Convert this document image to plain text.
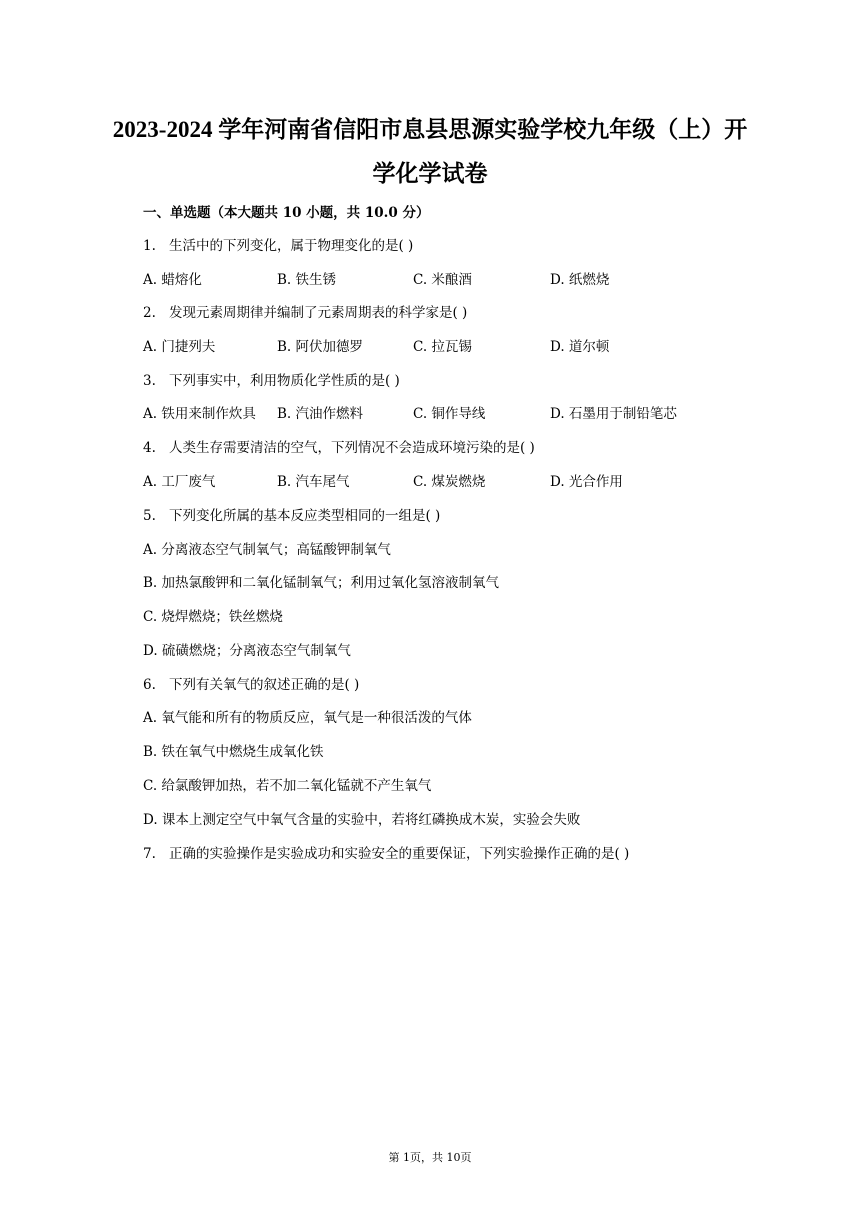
2023-2024 学年河南省信阳市息县思源实验学校九年级（上）开
学化学试卷
一、单选题（本大题共 10 小题，共 10.0 分）
1. 生活中的下列变化，属于物理变化的是( )
A. 蜡熔化	B. 铁生锈	C. 米酿酒	D. 纸燃烧
2. 发现元素周期律并编制了元素周期表的科学家是( )
A. 门捷列夫	B. 阿伏加德罗	C. 拉瓦锡	D. 道尔顿
3. 下列事实中，利用物质化学性质的是( )
A. 铁用来制作炊具 B. 汽油作燃料	C. 铜作导线	D. 石墨用于制铅笔芯
4. 人类生存需要清洁的空气，下列情况不会造成环境污染的是( )
A. 工厂废气	B. 汽车尾气	C. 煤炭燃烧	D. 光合作用
5. 下列变化所属的基本反应类型相同的一组是( )
A. 分离液态空气制氧气；高锰酸钾制氧气
B. 加热氯酸钾和二氧化锰制氧气；利用过氧化氢溶液制氧气
C. 烧焊燃烧；铁丝燃烧
D. 硫磺燃烧；分离液态空气制氧气
6. 下列有关氧气的叙述正确的是( )
A. 氧气能和所有的物质反应，氧气是一种很活泼的气体
B. 铁在氧气中燃烧生成氧化铁
C. 给氯酸钾加热，若不加二氧化锰就不产生氧气
D. 课本上测定空气中氧气含量的实验中，若将红磷换成木炭，实验会失败
7. 正确的实验操作是实验成功和实验安全的重要保证，下列实验操作正确的是( )
第 1页，共 10页
